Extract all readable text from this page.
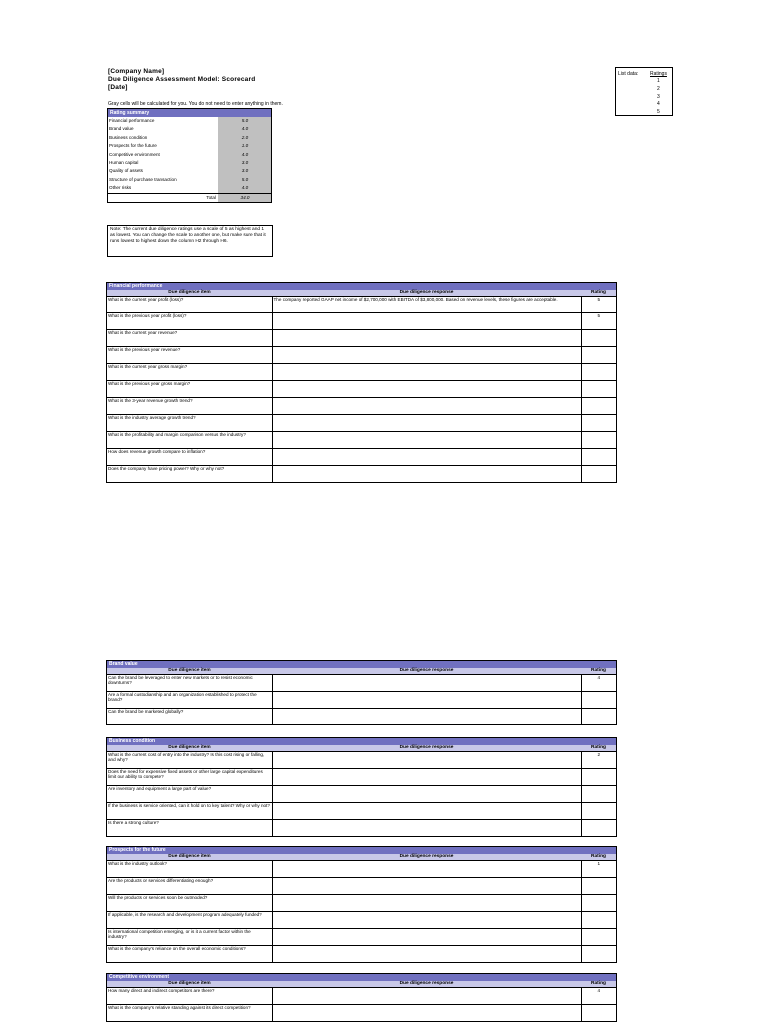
[Company Name]
Due Diligence Assessment Model: Scorecard
[Date]
Gray cells will be calculated for you. You do not need to enter anything in them.
List data: Ratings
1
2
3
4
5
Rating summary
Financial performance	5.0
Brand value	4.0
Business condition	2.0
Prospects for the future	1.0
Competitive environment	4.0
Human capital	3.0
Quality of assets	3.0
Structure of purchase transaction	5.0
Other risks	4.0
Total	34.0
Note: The current due diligence ratings use a scale of 5 as highest and 1 as lowest. You can change the scale to another one, but make sure that it runs lowest to highest down the column H2 through H6.
Financial performance
Due diligence item	Due diligence response	Rating
What is the current year profit (loss)?	The company reported GAAP net income of $2,700,000 with EBITDA of $3,800,000. Based on revenue levels, these figures are acceptable.	5
What is the previous year profit (loss)?		5
What is the current year revenue?		
What is the previous year revenue?		
What is the current year gross margin?		
What is the previous year gross margin?		
What is the 3-year revenue growth trend?		
What is the industry average growth trend?		
What is the profitability and margin comparison versus the industry?		
How does revenue growth compare to inflation?		
Does the company have pricing power? Why or why not?		
Brand value
Due diligence item	Due diligence response	Rating
Can the brand be leveraged to enter new markets or to resist economic downturns?		4
Are a formal custodianship and an organization established to protect the brand?		
Can the brand be marketed globally?		
Business condition
Due diligence item	Due diligence response	Rating
What is the current cost of entry into the industry? Is this cost rising or falling, and why?		2
Does the need for expensive fixed assets or other large capital expenditures limit our ability to compete?		
Are inventory and equipment a large part of value?		
If the business is service oriented, can it hold on to key talent? Why or why not?		
Is there a strong culture?		
Prospects for the future
Due diligence item	Due diligence response	Rating
What is the industry outlook?		1
Are the products or services differentiating enough?		
Will the products or services soon be outmoded?		
If applicable, is the research and development program adequately funded?		
Is international competition emerging, or is it a current factor within the industry?		
What is the company's reliance on the overall economic conditions?		
Competitive environment
Due diligence item	Due diligence response	Rating
How many direct and indirect competitors are there?		4
What is the company's relative standing against its direct competition?		
